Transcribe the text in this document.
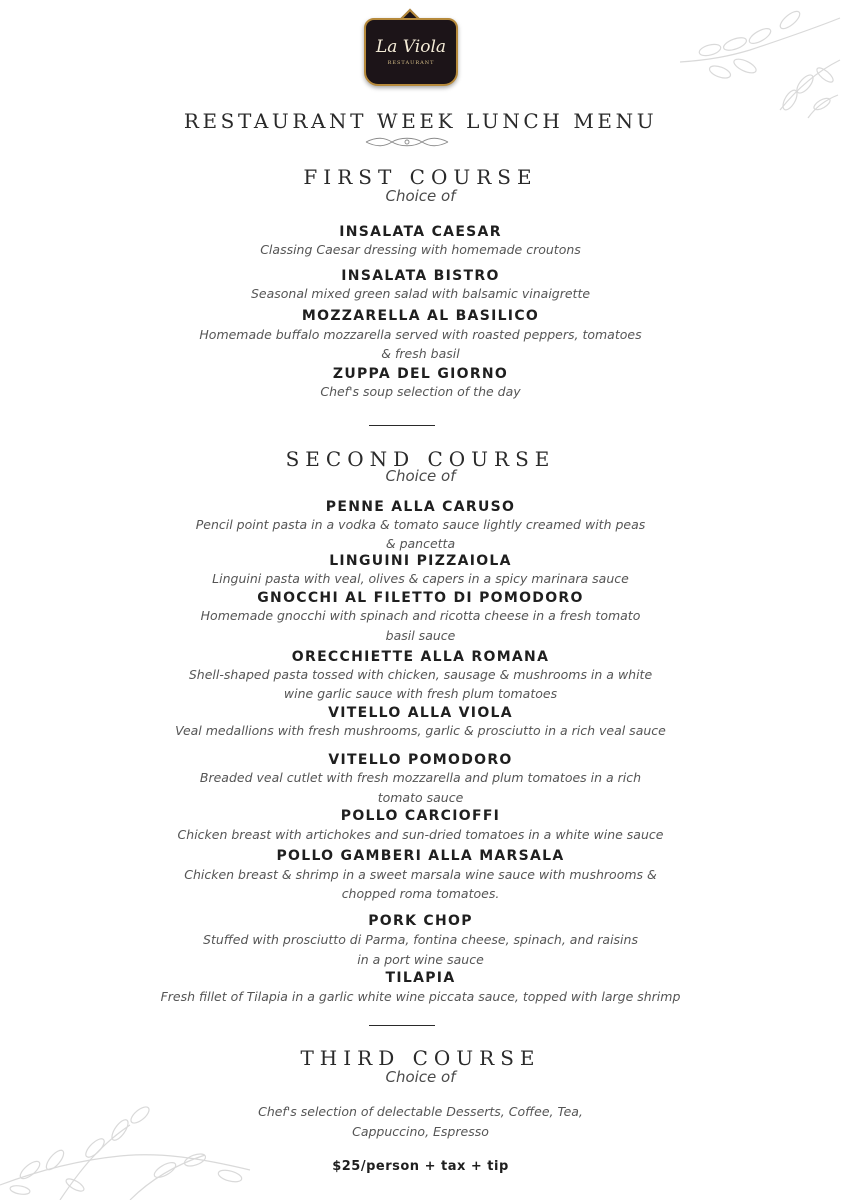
La Viola
RESTAURANT
RESTAURANT WEEK LUNCH MENU
FIRST COURSE
Choice of
INSALATA CAESAR
Classing Caesar dressing with homemade croutons
INSALATA BISTRO
Seasonal mixed green salad with balsamic vinaigrette
MOZZARELLA AL BASILICO
Homemade buffalo mozzarella served with roasted peppers, tomatoes
& fresh basil
ZUPPA DEL GIORNO
Chef's soup selection of the day
SECOND COURSE
Choice of
PENNE ALLA CARUSO
Pencil point pasta in a vodka & tomato sauce lightly creamed with peas
& pancetta
LINGUINI PIZZAIOLA
Linguini pasta with veal, olives & capers in a spicy marinara sauce
GNOCCHI AL FILETTO DI POMODORO
Homemade gnocchi with spinach and ricotta cheese in a fresh tomato
basil sauce
ORECCHIETTE ALLA ROMANA
Shell-shaped pasta tossed with chicken, sausage & mushrooms in a white
wine garlic sauce with fresh plum tomatoes
VITELLO ALLA VIOLA
Veal medallions with fresh mushrooms, garlic & prosciutto in a rich veal sauce
VITELLO POMODORO
Breaded veal cutlet with fresh mozzarella and plum tomatoes in a rich
tomato sauce
POLLO CARCIOFFI
Chicken breast with artichokes and sun-dried tomatoes in a white wine sauce
POLLO GAMBERI ALLA MARSALA
Chicken breast & shrimp in a sweet marsala wine sauce with mushrooms &
chopped roma tomatoes.
PORK CHOP
Stuffed with prosciutto di Parma, fontina cheese, spinach, and raisins
in a port wine sauce
TILAPIA
Fresh fillet of Tilapia in a garlic white wine piccata sauce, topped with large shrimp
THIRD COURSE
Choice of
Chef's selection of delectable Desserts, Coffee, Tea,
Cappuccino, Espresso
$25/person + tax + tip
